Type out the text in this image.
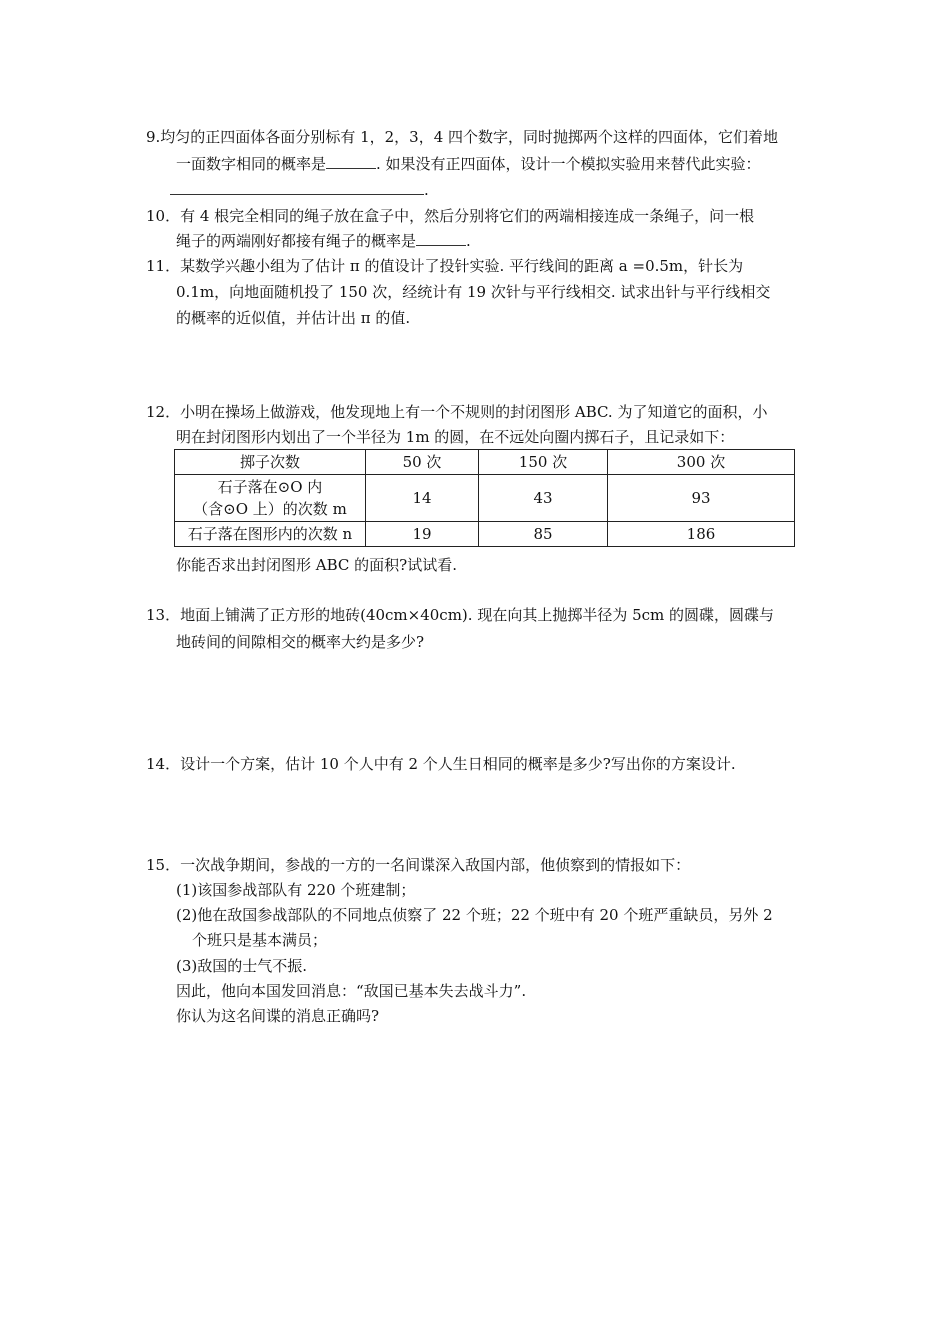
9.均匀的正四面体各面分别标有 1，2，3，4 四个数字，同时抛掷两个这样的四面体，它们着地
一面数字相同的概率是	. 如果没有正四面体，设计一个模拟实验用来替代此实验：
.
10．有 4 根完全相同的绳子放在盒子中，然后分别将它们的两端相接连成一条绳子，问一根
绳子的两端刚好都接有绳子的概率是	.
11．某数学兴趣小组为了估计 π 的值设计了投针实验. 平行线间的距离 a =0.5m，针长为
0.1m，向地面随机投了 150 次，经统计有 19 次针与平行线相交. 试求出针与平行线相交
的概率的近似值，并估计出 π 的值.
12．小明在操场上做游戏，他发现地上有一个不规则的封闭图形 ABC. 为了知道它的面积，小
明在封闭图形内划出了一个半径为 1m 的圆，在不远处向圈内掷石子，且记录如下：
掷子次数	50 次	150 次	300 次

石子落在⊙O 内
（含⊙O 上）的次数 m	14	43	93
石子落在图形内的次数 n	19	85	186
你能否求出封闭图形 ABC 的面积?试试看.
13．地面上铺满了正方形的地砖(40cm×40cm). 现在向其上抛掷半径为 5cm 的圆碟，圆碟与
地砖间的间隙相交的概率大约是多少?
14．设计一个方案，估计 10 个人中有 2 个人生日相同的概率是多少?写出你的方案设计.
15．一次战争期间，参战的一方的一名间谍深入敌国内部，他侦察到的情报如下：
(1)该国参战部队有 220 个班建制；
(2)他在敌国参战部队的不同地点侦察了 22 个班；22 个班中有 20 个班严重缺员，另外 2
个班只是基本满员；
(3)敌国的士气不振.
因此，他向本国发回消息：“敌国已基本失去战斗力”.
你认为这名间谍的消息正确吗?
